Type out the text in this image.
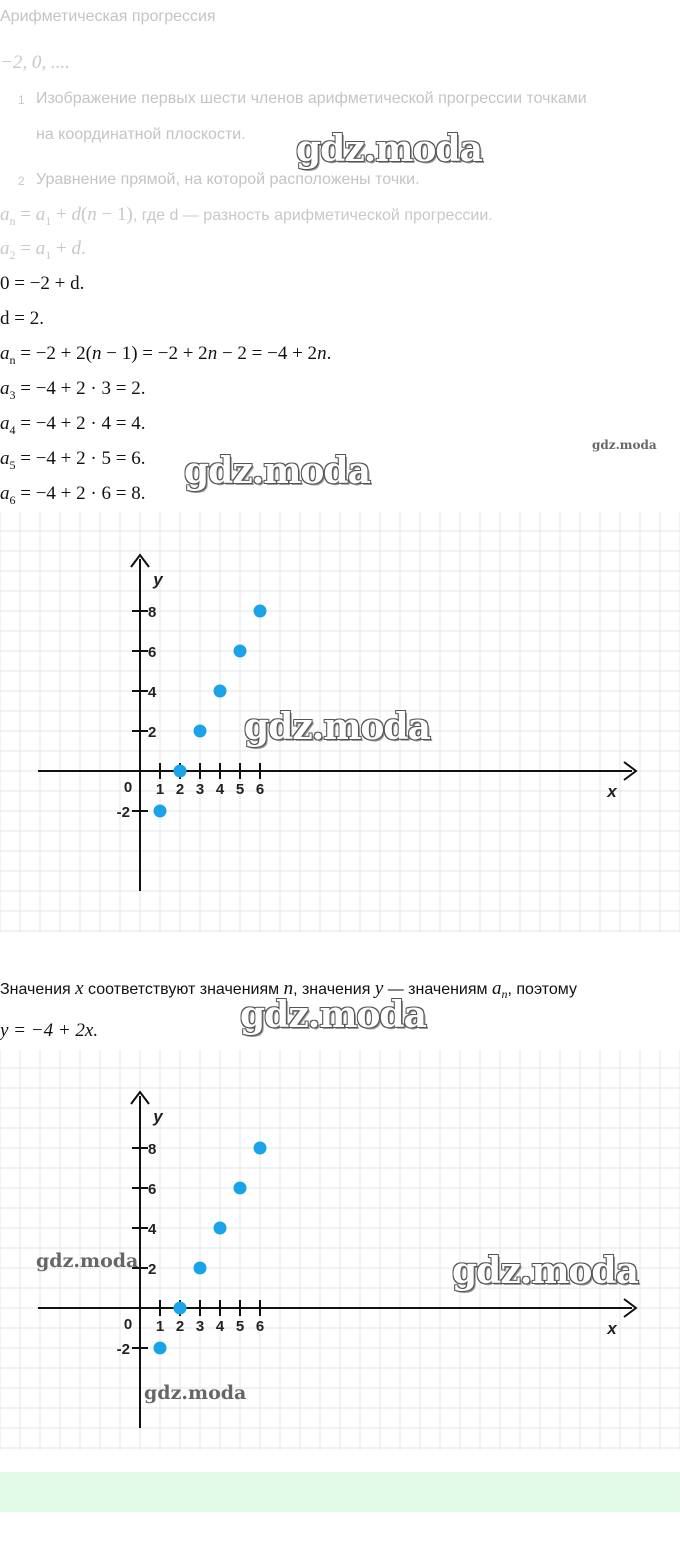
Арифметическая прогрессия
−2, 0, ....
1 Изображение первых шести членов арифметической прогрессии точками
на координатной плоскости.
2 Уравнение прямой, на которой расположены точки.
$a_n = a_1 + d(n - 1)$, где d — разность арифметической прогрессии.
$a_2 = a_1 + d$.
0 = −2 + d.
d = 2.
$a_n = -2 + 2(n - 1) = -2 + 2n - 2 = -4 + 2n$.
$a_3 = -4 + 2 \cdot 3 = 2$.
$a_4 = -4 + 2 \cdot 4 = 4$.
$a_5 = -4 + 2 \cdot 5 = 6$.
$a_6 = -4 + 2 \cdot 6 = 8$.
1 2 3 4 5 6
-2
2
4
6
8
0	x
y
Значения x соответствуют значениям n, значения y — значениям $a_n$, поэтому
y = −4 + 2x.
1 2 3 4 5 6
-2
2
4
6
8
0	x
y
gdz.moda
gdz.moda
gdz.moda
gdz.moda
gdz.moda
gdz.moda	gdz.moda
gdz.moda
